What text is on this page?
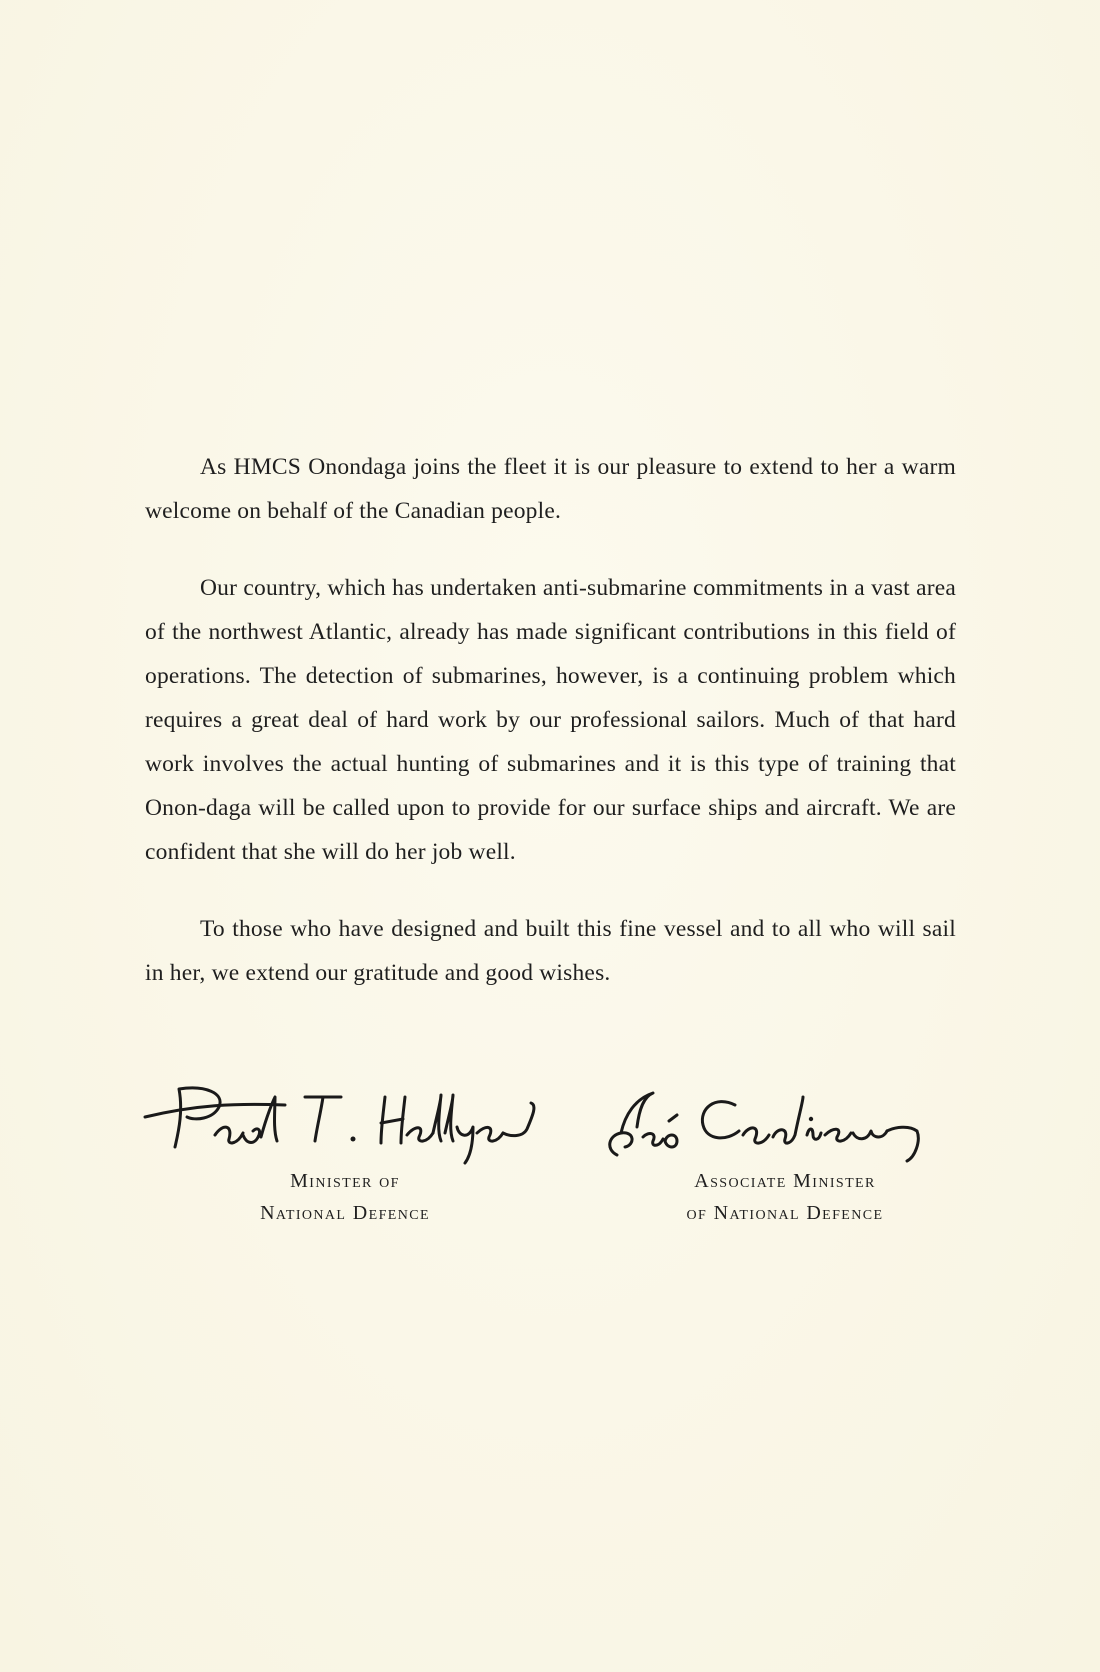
As HMCS Onondaga joins the fleet it is our pleasure to extend to her a warm welcome on behalf of the Canadian people.

Our country, which has undertaken anti-submarine commitments in a vast area of the northwest Atlantic, already has made significant contributions in this field of operations. The detection of submarines, however, is a continuing problem which requires a great deal of hard work by our professional sailors. Much of that hard work involves the actual hunting of submarines and it is this type of training that Onon-daga will be called upon to provide for our surface ships and aircraft. We are confident that she will do her job well.

To those who have designed and built this fine vessel and to all who will sail in her, we extend our gratitude and good wishes.

Minister of
National Defence
Associate Minister
of National Defence
